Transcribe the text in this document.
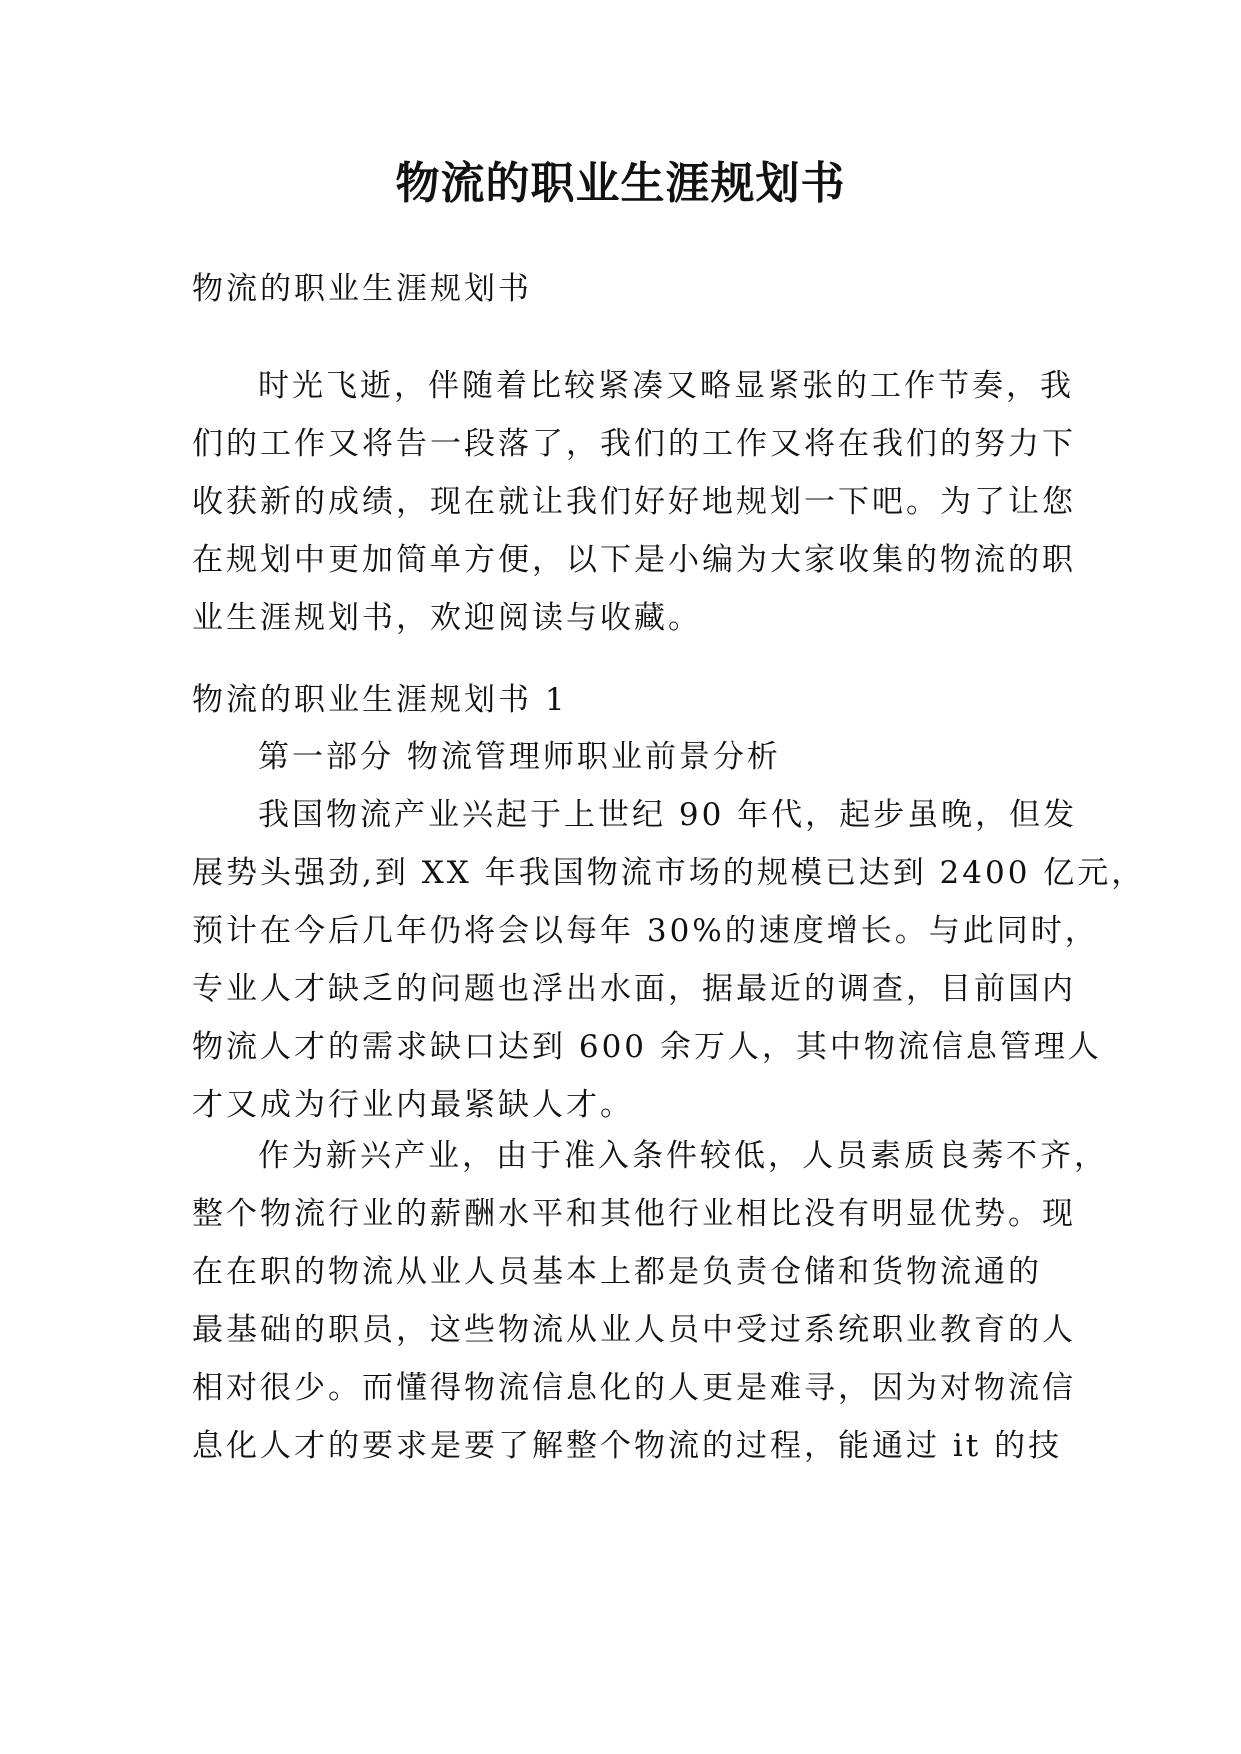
物流的职业生涯规划书
物流的职业生涯规划书
时光飞逝，伴随着比较紧凑又略显紧张的工作节奏，我
们的工作又将告一段落了，我们的工作又将在我们的努力下
收获新的成绩，现在就让我们好好地规划一下吧。为了让您
在规划中更加简单方便，以下是小编为大家收集的物流的职
业生涯规划书，欢迎阅读与收藏。
物流的职业生涯规划书 1
第一部分 物流管理师职业前景分析
我国物流产业兴起于上世纪 90 年代，起步虽晚，但发
展势头强劲,到 XX 年我国物流市场的规模已达到 2400 亿元，
预计在今后几年仍将会以每年 30%的速度增长。与此同时，
专业人才缺乏的问题也浮出水面，据最近的调查，目前国内
物流人才的需求缺口达到 600 余万人，其中物流信息管理人
才又成为行业内最紧缺人才。
作为新兴产业，由于准入条件较低，人员素质良莠不齐，
整个物流行业的薪酬水平和其他行业相比没有明显优势。现
在在职的物流从业人员基本上都是负责仓储和货物流通的
最基础的职员，这些物流从业人员中受过系统职业教育的人
相对很少。而懂得物流信息化的人更是难寻，因为对物流信
息化人才的要求是要了解整个物流的过程，能通过 it 的技
